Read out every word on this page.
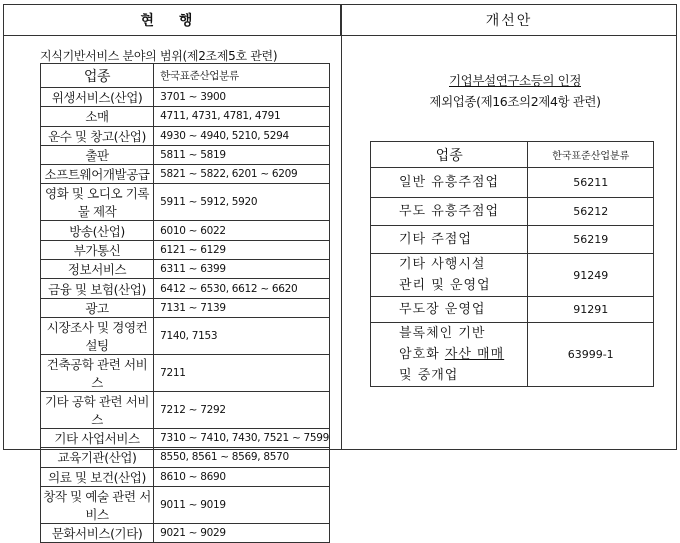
현 행	개선안
지식기반서비스 분야의 범위(제2조제5호 관련)
업종	한국표준산업분류
위생서비스(산업)	3701 ~ 3900
소매	4711, 4731, 4781, 4791
운수 및 창고(산업)	4930 ~ 4940, 5210, 5294
출판	5811 ~ 5819
소프트웨어개발공급	5821 ~ 5822, 6201 ~ 6209
영화 및 오디오 기록물 제작	5911 ~ 5912, 5920
방송(산업)	6010 ~ 6022
부가통신	6121 ~ 6129
정보서비스	6311 ~ 6399
금융 및 보험(산업)	6412 ~ 6530, 6612 ~ 6620
광고	7131 ~ 7139
시장조사 및 경영컨설팅	7140, 7153
건축공학 관련 서비스	7211
기타 공학 관련 서비스	7212 ~ 7292
기타 사업서비스	7310 ~ 7410, 7430, 7521 ~ 7599
교육기관(산업)	8550, 8561 ~ 8569, 8570
의료 및 보건(산업)	8610 ~ 8690
창작 및 예술 관련 서비스	9011 ~ 9019
문화서비스(기타)	9021 ~ 9029
기업부설연구소등의 인정
제외업종(제16조의2제4항 관련)
업종	한국표준산업분류
일반 유흥주점업	56211
무도 유흥주점업	56212
기타 주점업	56219

기타 사행시설
관리 및 운영업	91249
무도장 운영업	91291

블록체인 기반
암호화 자산 매매
및 중개업	63999-1
